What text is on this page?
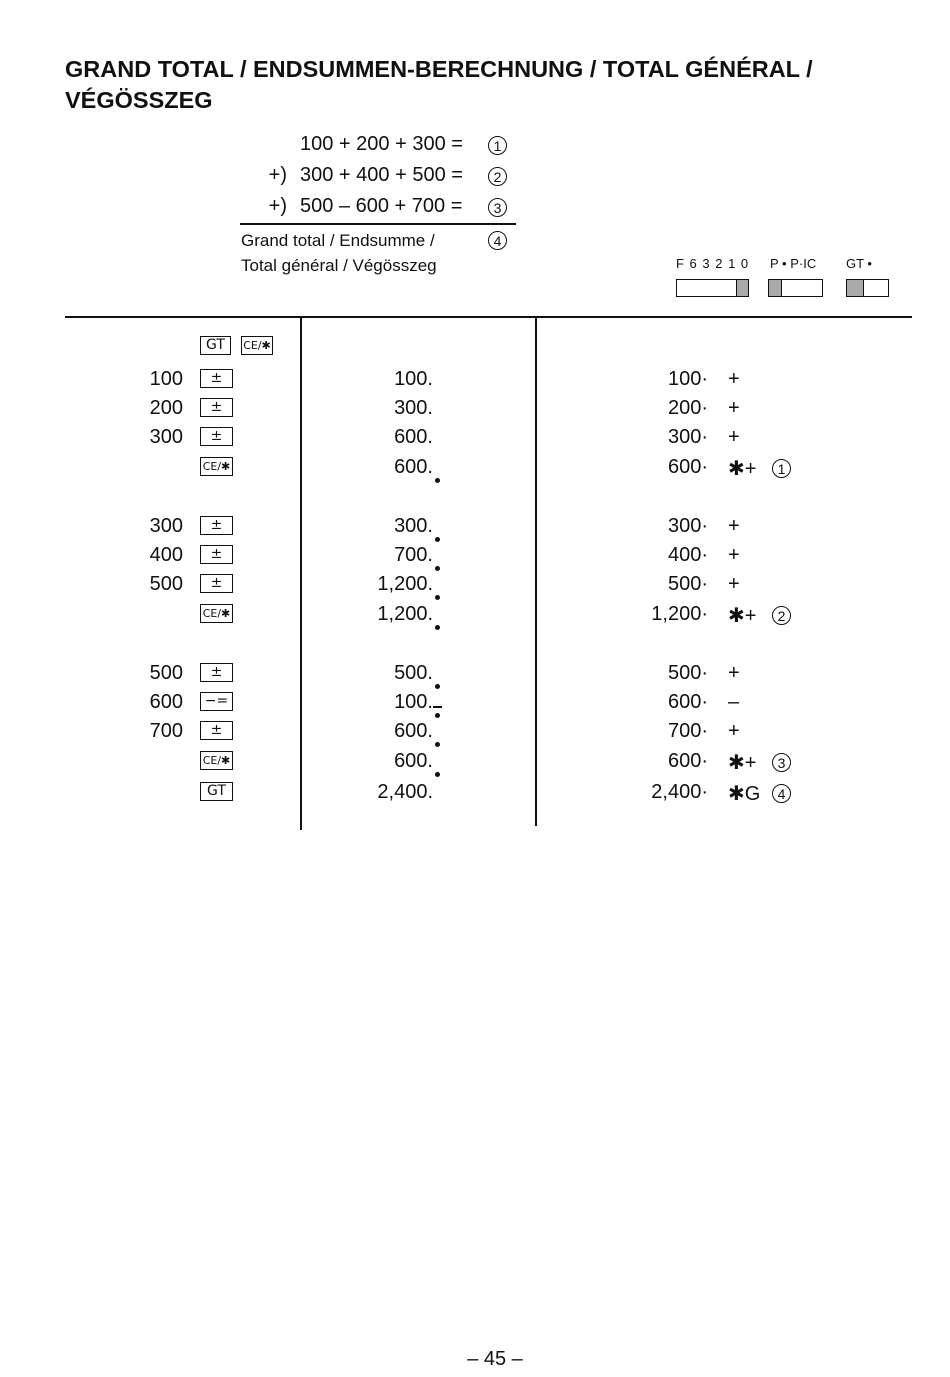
GRAND TOTAL / ENDSUMMEN-BERECHNUNG / TOTAL GÉNÉRAL / VÉGÖSSZEG
100 + 200 + 300 =	1
+) 300 + 400 + 500 =	2
+) 500 – 600 + 700 =	3
Grand total / Endsumme /
Total général / Végösszeg
4
F 6 3 2 1 0 P • P·IC GT •
GT	CE/✱
100	±	100.	100· +
200	±	300.	200· +
300	±	600.	300· +
CE/✱	600.	600· ✱+	1
300	±	300.	300· +
400	±	700.	400· +
500	±	1,200.	500· +
CE/✱	1,200.	1,200· ✱+	2
500	±	500.	500· +
600	−=	100.	600· –
700	±	600.	700· +
CE/✱	600.	600· ✱+	3
GT	2,400.	2,400· ✱G	4
– 45 –
